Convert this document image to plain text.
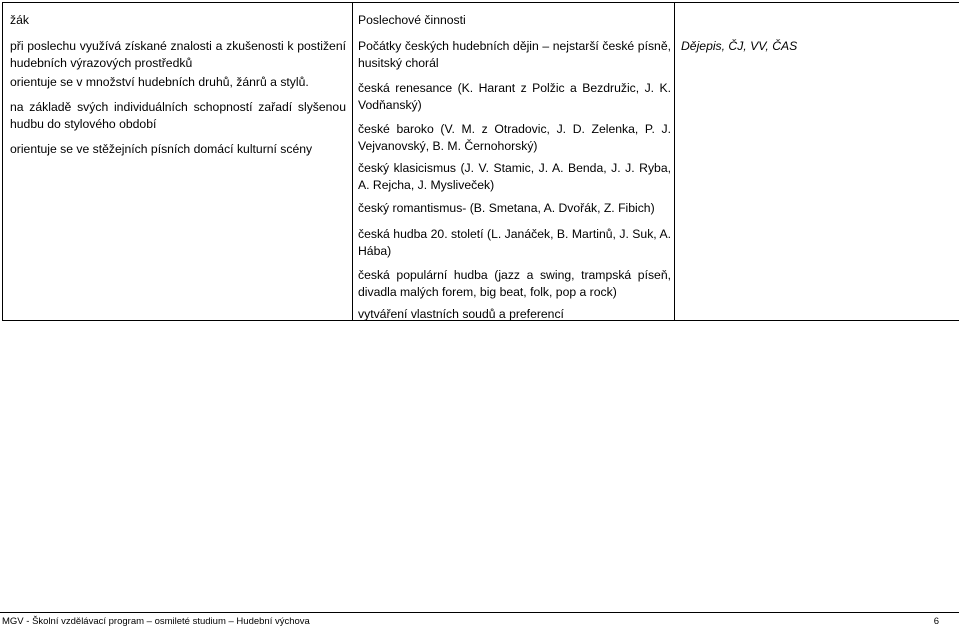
žák
při poslechu využívá získané znalosti a zkušenosti k postižení hudebních výrazových prostředků
orientuje se v množství hudebních druhů, žánrů a stylů.
na základě svých individuálních schopností zařadí slyšenou hudbu do stylového období
orientuje se ve stěžejních písních domácí kulturní scény

Poslechové činnosti
Počátky českých hudebních dějin – nejstarší české písně, husitský chorál
česká renesance (K. Harant z Polžic a Bezdružic, J. K. Vodňanský)
české baroko (V. M. z Otradovic, J. D. Zelenka, P. J. Vejvanovský, B. M. Černohorský)
český klasicismus (J. V. Stamic, J. A. Benda, J. J. Ryba, A. Rejcha, J. Mysliveček)
český romantismus- (B. Smetana, A. Dvořák, Z. Fibich)
česká hudba 20. století (L. Janáček, B. Martinů, J. Suk, A. Hába)
česká populární hudba (jazz a swing, trampská píseň, divadla malých forem, big beat, folk, pop a rock)
vytváření vlastních soudů a preferencí

Dějepis, ČJ, VV, ČAS
MGV - Školní vzdělávací program – osmileté studium – Hudební výchova	6
